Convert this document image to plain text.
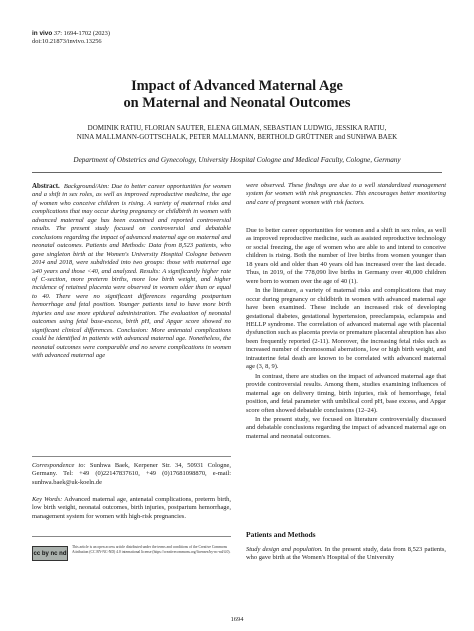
in vivo 37: 1694-1702 (2023)
doi:10.21873/invivo.13256
Impact of Advanced Maternal Age
on Maternal and Neonatal Outcomes
DOMINIK RATIU, FLORIAN SAUTER, ELENA GILMAN, SEBASTIAN LUDWIG, JESSIKA RATIU,
NINA MALLMANN-GOTTSCHALK, PETER MALLMANN, BERTHOLD GRÜTTNER and SUNHWA BAEK
Department of Obstetrics and Gynecology, University Hospital Cologne and Medical Faculty, Cologne, Germany

Abstract. Background/Aim: Due to better career opportunities for women and a shift in sex roles, as well as improved reproductive medicine, the age of women who conceive children is rising. A variety of maternal risks and complications that may occur during pregnancy or childbirth in women with advanced maternal age has been examined and reported controversial results. The present study focused on controversial and debatable conclusions regarding the impact of advanced maternal age on maternal and neonatal outcomes. Patients and Methods: Data from 8,523 patients, who gave singleton birth at the Women's University Hospital Cologne between 2014 and 2018, were subdivided into two groups: those with maternal age ≥40 years and those <40, and analyzed. Results: A significantly higher rate of C-section, more preterm births, more low birth weight, and higher incidence of retained placenta were observed in women older than or equal to 40. There were no significant differences regarding postpartum hemorrhage and fetal position. Younger patients tend to have more birth injuries and use more epidural administration. The evaluation of neonatal outcomes using fetal base-excess, birth pH, and Apgar score showed no significant clinical differences. Conclusion: More antenatal complications could be identified in patients with advanced maternal age. Nonetheless, the neonatal outcomes were comparable and no severe complications in women with advanced maternal age

Correspondence to: Sunhwa Baek, Kerpener Str. 34, 50931 Cologne, Germany. Tel: +49 (0)22147837610, +49 (0)17681098870, e-mail: sunhwa.baek@uk-koeln.de

Key Words: Advanced maternal age, antenatal complications, preterm birth, low birth weight, neonatal outcomes, birth injuries, postpartum hemorrhage, management system for women with high-risk pregnancies.

cc by nc nd
This article is an open access article distributed under the terms and conditions of the Creative Commons Attribution (CC BY-NC-ND) 4.0 international license (https://creativecommons.org/licenses/by-nc-nd/4.0).

were observed. These findings are due to a well standardized management system for women with risk pregnancies. This encourages better monitoring and care of pregnant women with risk factors.

Due to better career opportunities for women and a shift in sex roles, as well as improved reproductive medicine, such as assisted reproductive technology or social freezing, the age of women who are able to and intend to conceive children is rising. Both the number of live births from women younger than 18 years old and older than 40 years old has increased over the last decade. Thus, in 2019, of the 778,090 live births in Germany over 40,000 children were born to women over the age of 40 (1).

In the literature, a variety of maternal risks and complications that may occur during pregnancy or childbirth in women with advanced maternal age have been examined. These include an increased risk of developing gestational diabetes, gestational hypertension, preeclampsia, eclampsia and HELLP syndrome. The correlation of advanced maternal age with placental dysfunction such as placenta previa or premature placental abruption has also been frequently reported (2-11). Moreover, the increasing fetal risks such as increased number of chromosomal aberrations, low or high birth weight, and intrauterine fetal death are known to be correlated with advanced maternal age (3, 8, 9).

In contrast, there are studies on the impact of advanced maternal age that provide controversial results. Among them, studies examining influences of maternal age on delivery timing, birth injuries, risk of hemorrhage, fetal position, and fetal parameter with umbilical cord pH, base excess, and Apgar score often showed debatable conclusions (12–24).

In the present study, we focused on literature controversially discussed and debatable conclusions regarding the impact of advanced maternal age on maternal and neonatal outcomes.

Patients and Methods

Study design and population. In the present study, data from 8,523 patients, who gave birth at the Women's Hospital of the University

1694
